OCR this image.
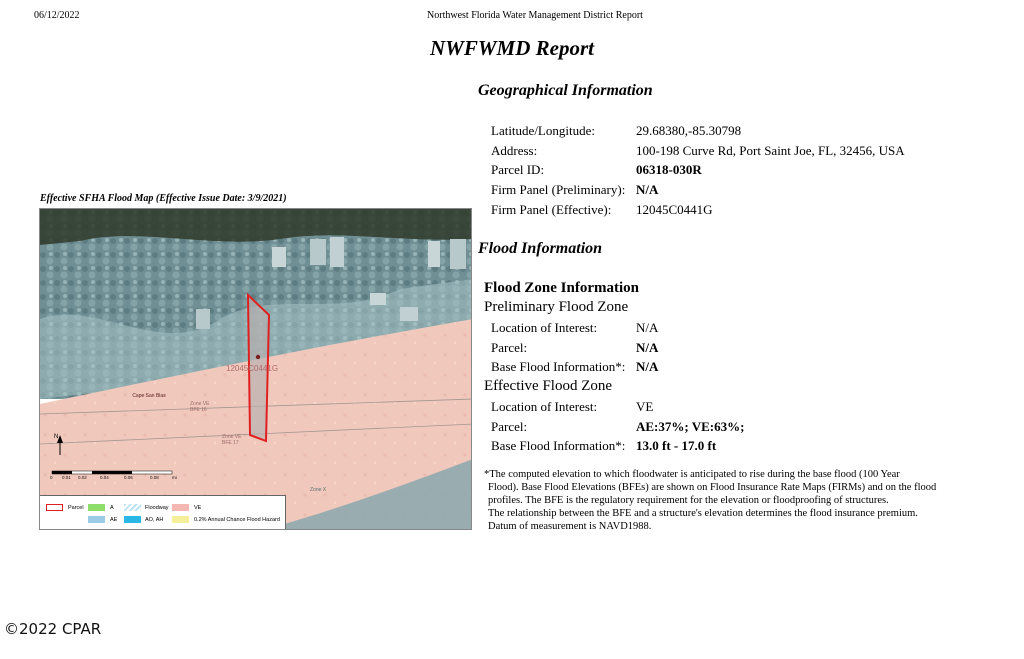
06/12/2022	Northwest Florida Water Management District Report
NWFWMD Report
Geographical Information
Latitude/Longitude:	29.68380,-85.30798
Address:	100-198 Curve Rd, Port Saint Joe, FL, 32456, USA
Parcel ID:	06318-030R
Firm Panel (Preliminary): N/A
Firm Panel (Effective): 12045C0441G
Flood Information
Flood Zone Information
Preliminary Flood Zone
Location of Interest:	N/A
Parcel:	N/A
Base Flood Information*: N/A
Effective Flood Zone
Location of Interest:	VE
Parcel:	AE:37%; VE:63%;
Base Flood Information*: 13.0 ft - 17.0 ft
*The computed elevation to which floodwater is anticipated to rise during the base flood (100 Year
Flood). Base Flood Elevations (BFEs) are shown on Flood Insurance Rate Maps (FIRMs) and on the flood
profiles. The BFE is the regulatory requirement for the elevation or floodproofing of structures.
The relationship between the BFE and a structure's elevation determines the flood insurance premium.
Datum of measurement is NAVD1988.
Effective SFHA Flood Map (Effective Issue Date: 3/9/2021)
N
0 0.01 0.02	0.04	0.06	0.08	mi
12045C0441G
Cape San Blas
Zone VE
BFE 16
Zone VE
BFE 17
Zone X
Parcel	A	Floodway	VE
AE	AO, AH	0.2% Annual Chance Flood Hazard
©2022 CPAR
